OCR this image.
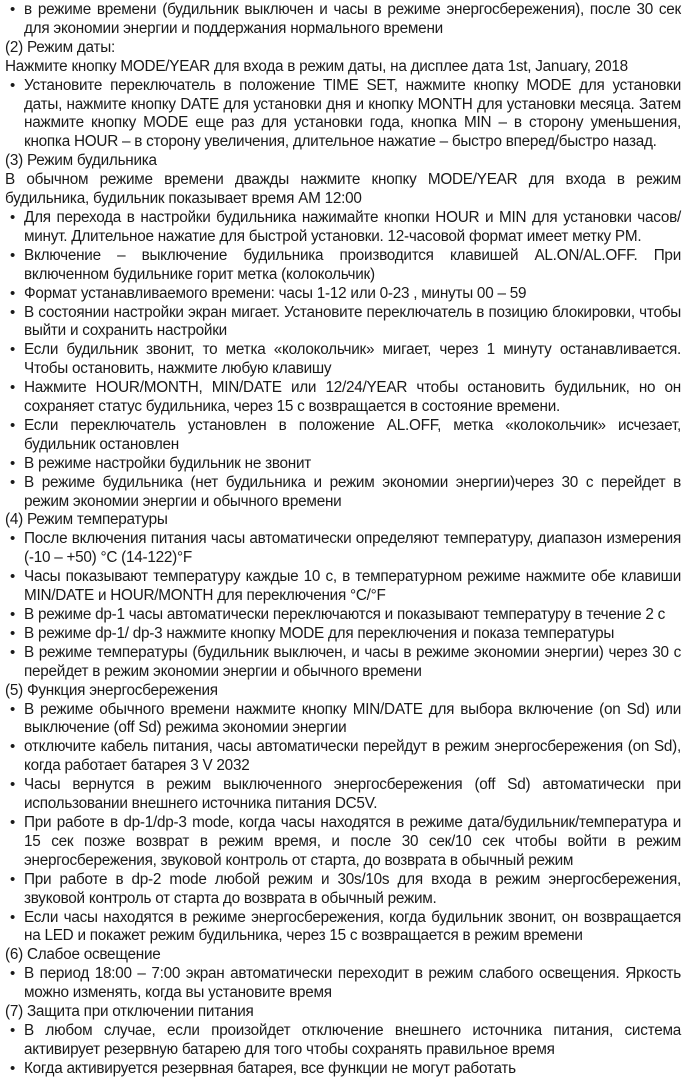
• в режиме времени (будильник выключен и часы в режиме энергосбережения), после 30 сек для экономии энергии и поддержания нормального времени

(2) Режим даты:

Нажмите кнопку MODE/YEAR для входа в режим даты, на дисплее дата 1st, January, 2018

• Установите переключатель в положение TIME SET, нажмите кнопку MODE для установки даты, нажмите кнопку DATE для установки дня и кнопку MONTH для установки месяца. Затем нажмите кнопку MODE еще раз для установки года, кнопка MIN – в сторону уменьшения, кнопка HOUR – в сторону увеличения, длительное нажатие – быстро вперед/быстро назад.

(3) Режим будильника

В обычном режиме времени дважды нажмите кнопку MODE/YEAR для входа в режим будильника, будильник показывает время AM 12:00

• Для перехода в настройки будильника нажимайте кнопки HOUR и MIN для установки часов/минут. Длительное нажатие для быстрой установки. 12-часовой формат имеет метку PM.

• Включение – выключение будильника производится клавишей AL.ON/AL.OFF. При включенном будильнике горит метка (колокольчик)

• Формат устанавливаемого времени: часы 1-12 или 0-23 , минуты 00 – 59

• В состоянии настройки экран мигает. Установите переключатель в позицию блокировки, чтобы выйти и сохранить настройки

• Если будильник звонит, то метка «колокольчик» мигает, через 1 минуту останавливается. Чтобы остановить, нажмите любую клавишу

• Нажмите HOUR/MONTH, MIN/DATE или 12/24/YEAR чтобы остановить будильник, но он сохраняет статус будильника, через 15 с возвращается в состояние времени.

• Если переключатель установлен в положение AL.OFF, метка «колокольчик» исчезает, будильник остановлен

• В режиме настройки будильник не звонит

• В режиме будильника (нет будильника и режим экономии энергии)через 30 с перейдет в режим экономии энергии и обычного времени

(4) Режим температуры

• После включения питания часы автоматически определяют температуру, диапазон измерения (-10 – +50) °C (14-122)°F

• Часы показывают температуру каждые 10 с, в температурном режиме нажмите обе клавиши MIN/DATE и HOUR/MONTH для переключения °C/°F

• В режиме dp-1 часы автоматически переключаются и показывают температуру в течение 2 с

• В режиме dp-1/ dp-3 нажмите кнопку MODE для переключения и показа температуры

• В режиме температуры (будильник выключен, и часы в режиме экономии энергии) через 30 с перейдет в режим экономии энергии и обычного времени

(5) Функция энергосбережения

• В режиме обычного времени нажмите кнопку MIN/DATE для выбора включение (on Sd) или выключение (off Sd) режима экономии энергии

• отключите кабель питания, часы автоматически перейдут в режим энергосбережения (on Sd), когда работает батарея 3 V 2032

• Часы вернутся в режим выключенного энергосбережения (off Sd) автоматически при использовании внешнего источника питания DC5V.

• При работе в dp-1/dp-3 mode, когда часы находятся в режиме дата/будильник/температура и 15 сек позже возврат в режим время, и после 30 сек/10 сек чтобы войти в режим энергосбережения, звуковой контроль от старта, до возврата в обычный режим

• При работе в dp-2 mode любой режим и 30s/10s для входа в режим энергосбережения, звуковой контроль от старта до возврата в обычный режим.

• Если часы находятся в режиме энергосбережения, когда будильник звонит, он возвращается на LED и покажет режим будильника, через 15 с возвращается в режим времени

(6) Слабое освещение

• В период 18:00 – 7:00 экран автоматически переходит в режим слабого освещения. Яркость можно изменять, когда вы установите время

(7) Защита при отключении питания

• В любом случае, если произойдет отключение внешнего источника питания, система активирует резервную батарею для того чтобы сохранять правильное время

• Когда активируется резервная батарея, все функции не могут работать
